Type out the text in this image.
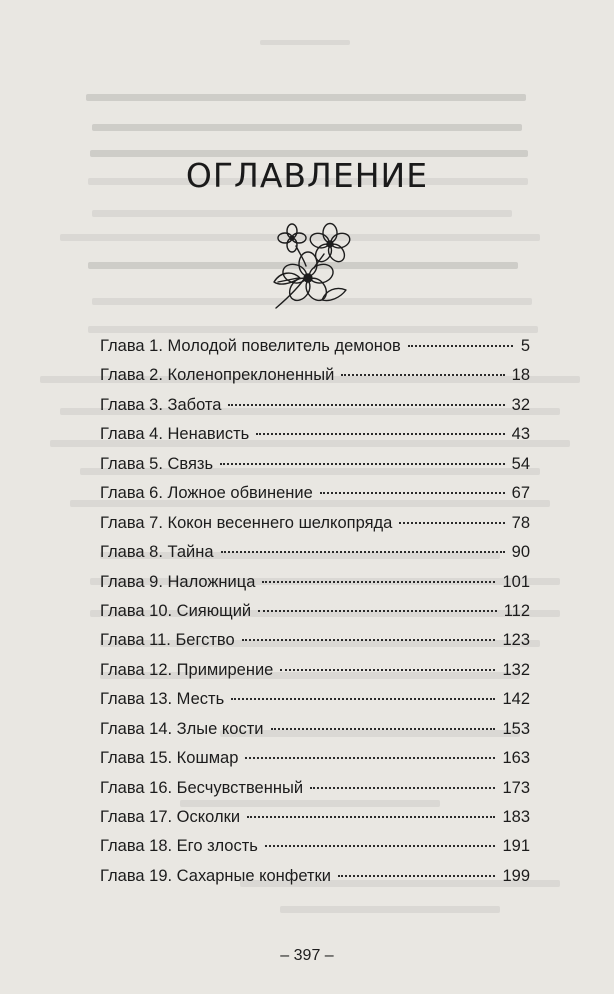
ОГЛАВЛЕНИЕ
Глава 1. Молодой повелитель демонов	5
Глава 2. Коленопреклоненный	18
Глава 3. Забота	32
Глава 4. Ненависть	43
Глава 5. Связь	54
Глава 6. Ложное обвинение	67
Глава 7. Кокон весеннего шелкопряда	78
Глава 8. Тайна	90
Глава 9. Наложница	101
Глава 10. Сияющий	112
Глава 11. Бегство	123
Глава 12. Примирение	132
Глава 13. Месть	142
Глава 14. Злые кости	153
Глава 15. Кошмар	163
Глава 16. Бесчувственный	173
Глава 17. Осколки	183
Глава 18. Его злость	191
Глава 19. Сахарные конфетки	199
– 397 –
